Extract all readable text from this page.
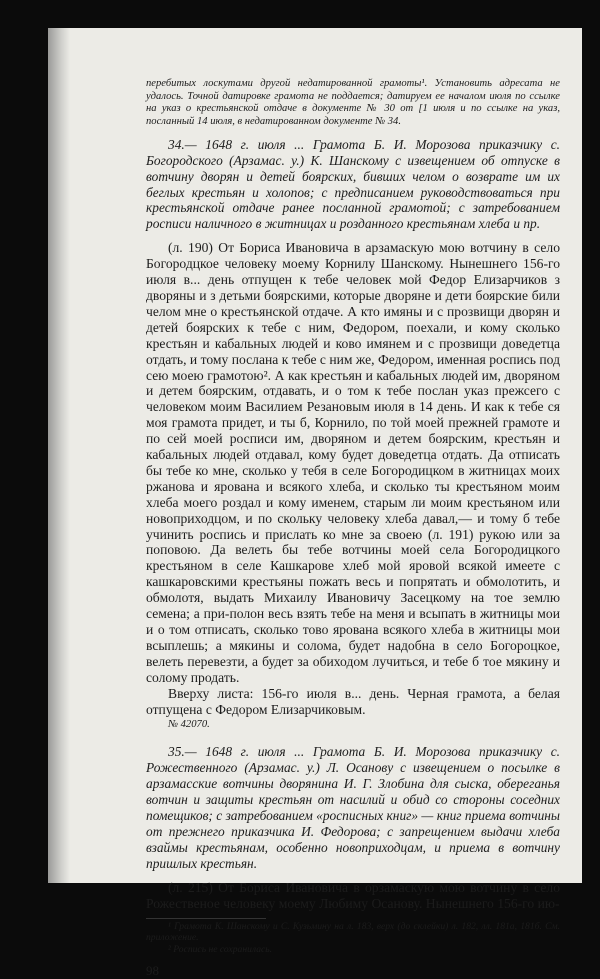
перебитых лоскутами другой недатированной грамоты¹. Установить адресата не удалось. Точной датировке грамота не поддается; датируем ее началом июля по ссылке на указ о крестьянской отдаче в документе № 30 от [1 июля и по ссылке на указ, посланный 14 июля, в недатированном документе № 34.

34.— 1648 г. июля ... Грамота Б. И. Морозова приказчику с. Богородского (Арзамас. у.) К. Шанскому с извещением об отпуске в вотчину дворян и детей боярских, бивших челом о возврате им их беглых крестьян и холопов; с предписанием руководствоваться при крестьянской отдаче ранее посланной грамотой; с затребованием росписи наличного в житницах и розданного крестьянам хлеба и пр.

(л. 190) От Бориса Ивановича в арзамаскую мою вотчину в село Богородцкое человеку моему Корнилу Шанскому. Нынешнего 156-го июля в... день отпущен к тебе человек мой Федор Елизарчиков з дворяны и з детьми боярскими, которые дворяне и дети боярские били челом мне о крестьянской отдаче. А кто имяны и с прозвищи дворян и детей боярских к тебе с ним, Федором, поехали, и кому сколько крестьян и кабальных людей и ково имянем и с прозвищи доведетца отдать, и тому послана к тебе с ним же, Федором, именная роспись под сею моею грамотою². А как крестьян и кабальных людей им, дворяном и детем боярским, отдавать, и о том к тебе послан указ прежсего с человеком моим Василием Резановым июля в 14 день. И как к тебе ся моя грамота придет, и ты б, Корнило, по той моей прежней грамоте и по сей моей росписи им, дворяном и детем боярским, крестьян и кабальных людей отдавал, кому будет доведетца отдать. Да отписать бы тебе ко мне, сколько у тебя в селе Богородицком в житницах моих ржанова и ярована и всякого хлеба, и сколько ты крестьяном моим хлеба моего роздал и кому именем, старым ли моим крестьяном или новоприходцом, и по скольку человеку хлеба давал,— и тому б тебе учинить роспись и прислать ко мне за своею (л. 191) рукою или за поповою. Да велеть бы тебе вотчины моей села Богородицкого крестьяном в селе Кашкарове хлеб мой яровой всякой имеете с кашкаровскими крестьяны пожать весь и попрятать и обмолотить, и обмолотя, выдать Михаилу Ивановичу Засецкому на тое землю семена; а при-полон весь взять тебе на меня и всыпать в житницы мои и о том отписать, сколько тово ярована всякого хлеба в житницы мои всыплешь; а мякины и солома, будет надобна в село Богороцкое, велеть перевезти, а будет за обиходом лучиться, и тебе б тое мякину и солому продать.

Вверху листа: 156-го июля в... день. Черная грамота, а белая отпущена с Федором Елизарчиковым.

№ 42070.

35.— 1648 г. июля ... Грамота Б. И. Морозова приказчику с. Рожественного (Арзамас. у.) Л. Осанову с извещением о посылке в арзамасские вотчины дворянина И. Г. Злобина для сыска, обереганья вотчин и защиты крестьян от насилий и обид со стороны соседних помещиков; с затребованием «росписных книг» — книг приема вотчины от прежнего приказчика И. Федорова; с запрещением выдачи хлеба взаймы крестьянам, особенно новоприходцам, и приема в вотчину пришлых крестьян.

(л. 215) От Бориса Ивановича в орзамаскую мою вотчину в село Рожественое человеку моему Любиму Осанову. Нынешнего 156-го ию-

¹ Грамота К. Шанскому и С. Кузьмину на л. 183, верх (до склейки) л. 182, лл. 181а, 181б. См. приложение.

² Роспись не сохранилась.

98
